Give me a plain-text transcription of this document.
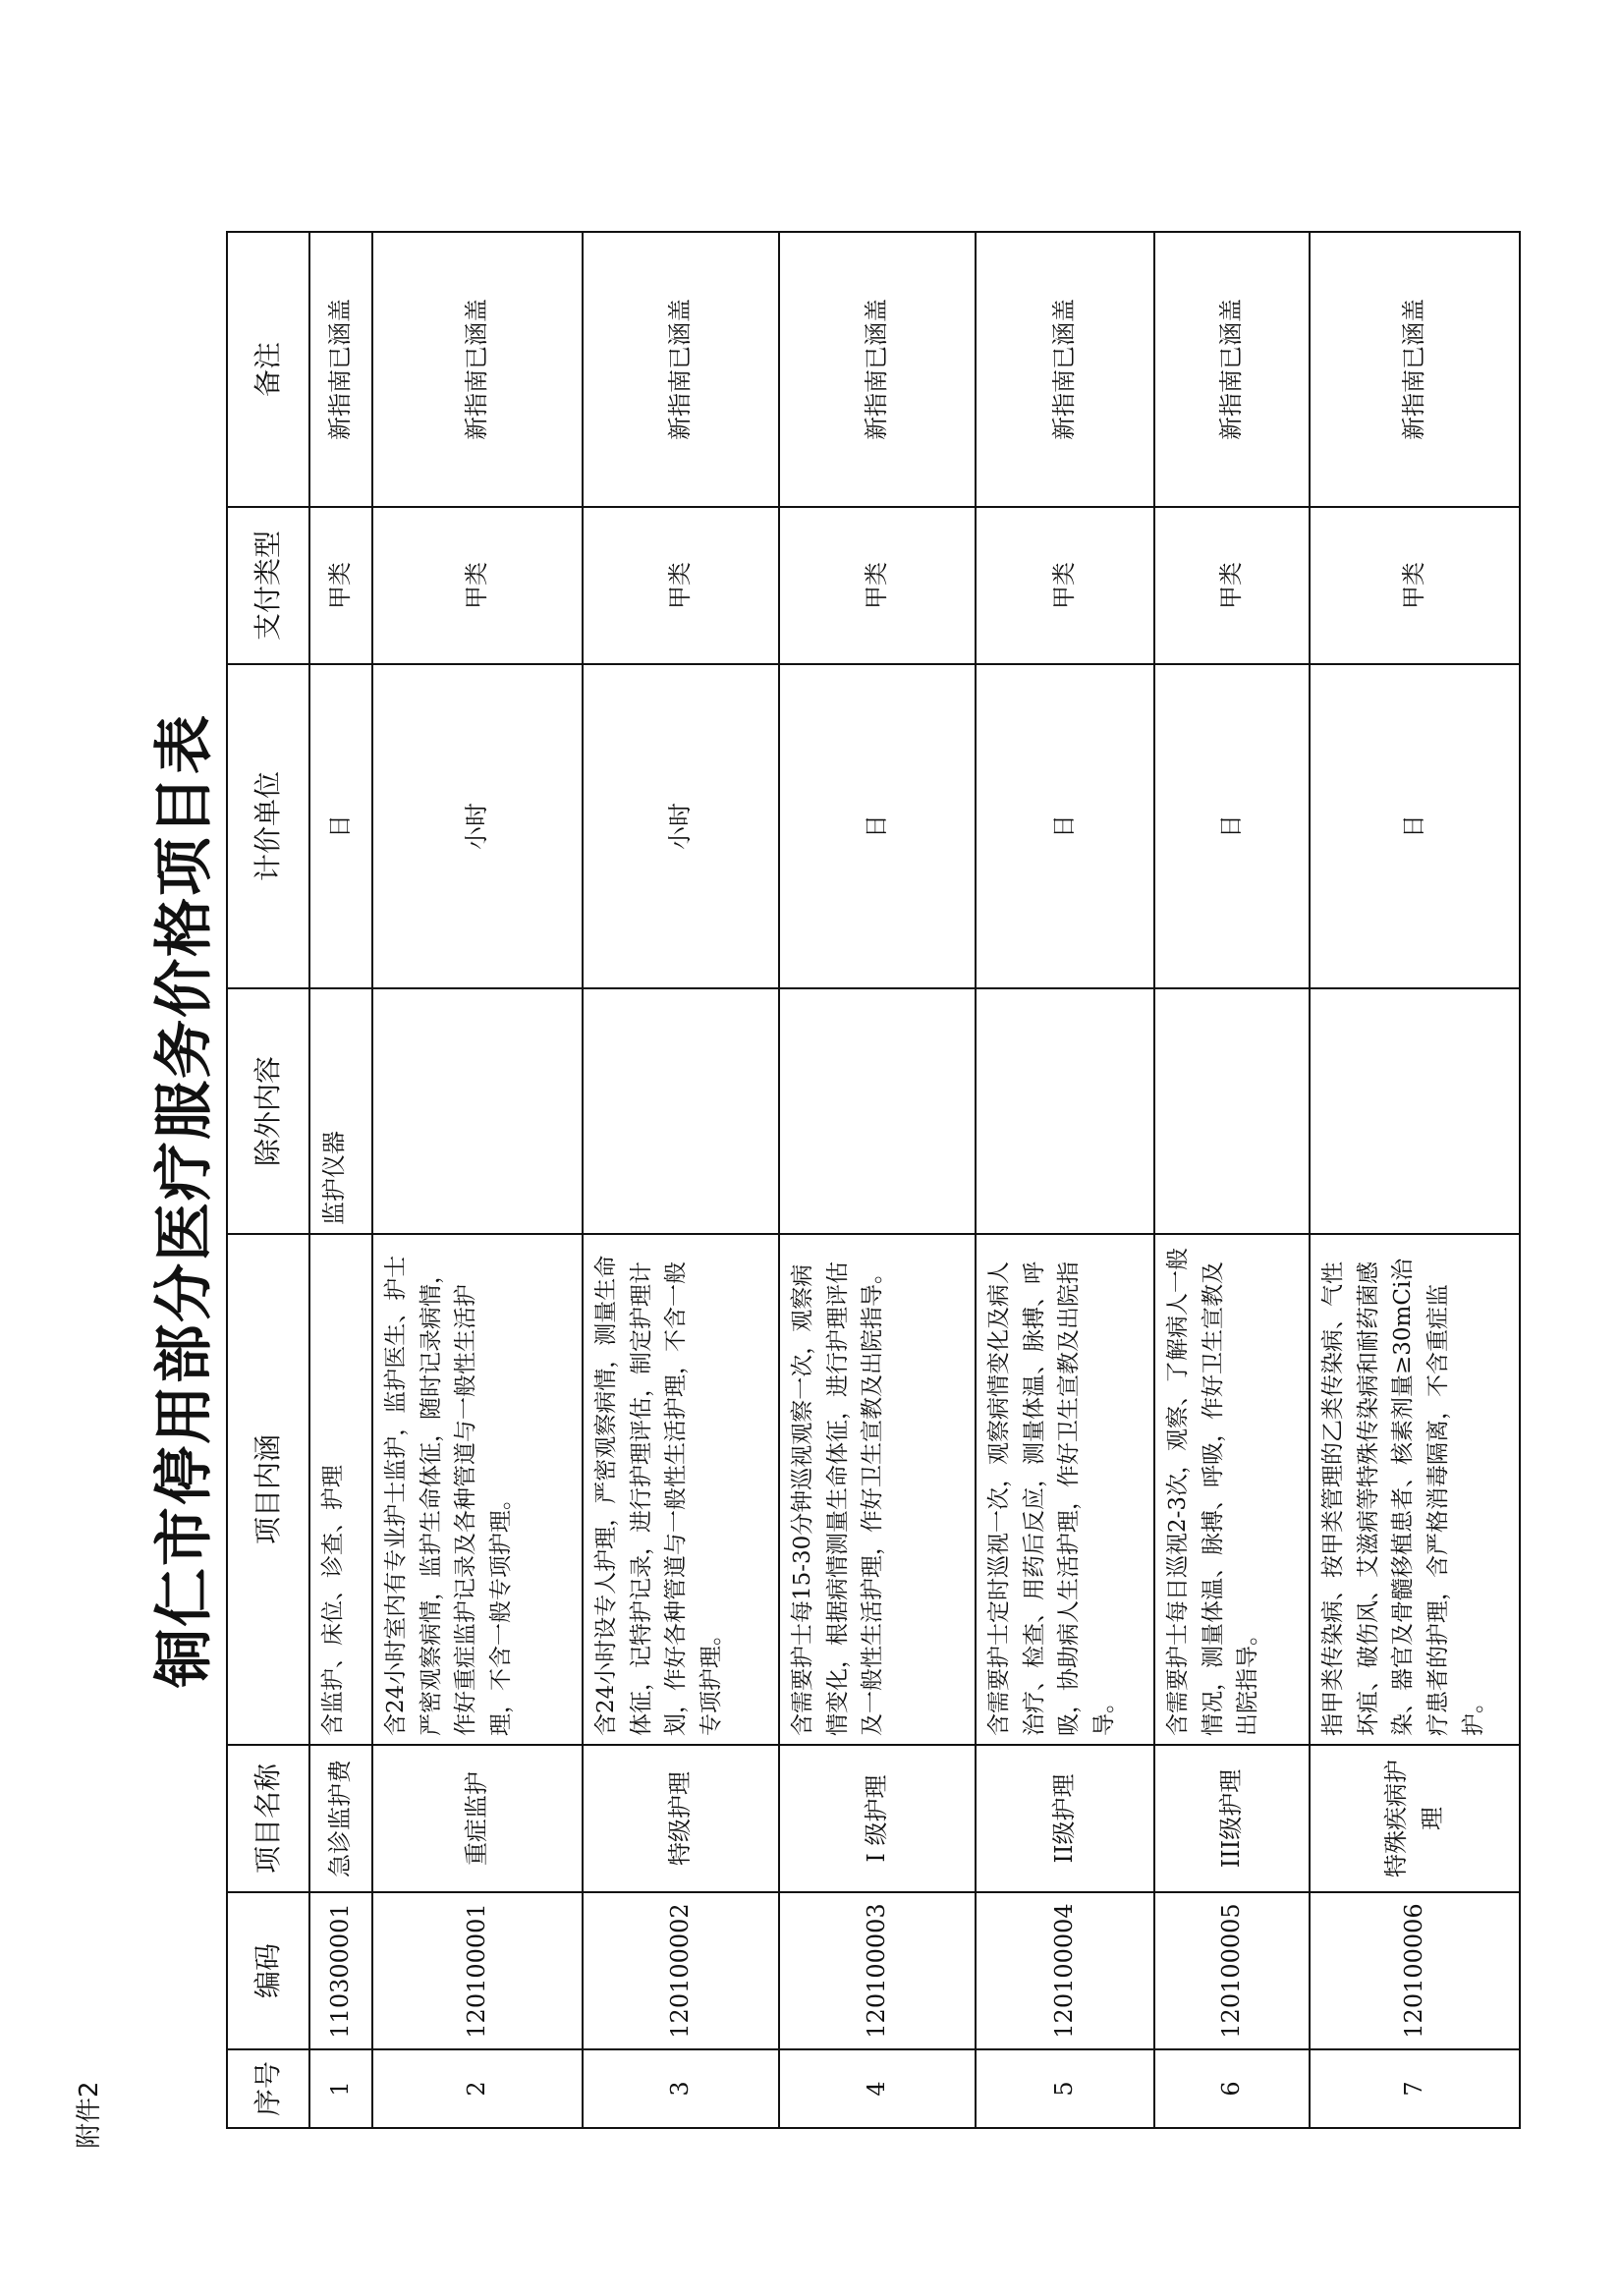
附件2
铜仁市停用部分医疗服务价格项目表
序号	编码	项目名称	项目内涵	除外内容	计价单位	支付类型	备注
1	110300001	急诊监护费	含监护、床位、诊查、护理	监护仪器	日	甲类	新指南已涵盖
2	120100001	重症监护	含24小时室内有专业护士监护，监护医生、护士严密观察病情，监护生命体征，随时记录病情，作好重症监护记录及各种管道与一般性生活护理，不含一般专项护理。		小时	甲类	新指南已涵盖
3	120100002	特级护理	含24小时设专人护理，严密观察病情，测量生命体征，记特护记录，进行护理评估，制定护理计划，作好各种管道与一般性生活护理，不含一般专项护理。		小时	甲类	新指南已涵盖
4	120100003	I 级护理	含需要护士每15-30分钟巡视观察一次，观察病情变化，根据病情测量生命体征，进行护理评估及一般性生活护理，作好卫生宣教及出院指导。		日	甲类	新指南已涵盖
5	120100004	II级护理	含需要护士定时巡视一次，观察病情变化及病人治疗、检查、用药后反应，测量体温、脉搏、呼吸，协助病人生活护理，作好卫生宣教及出院指导。		日	甲类	新指南已涵盖
6	120100005	III级护理	含需要护士每日巡视2-3次，观察、了解病人一般情况，测量体温、脉搏、呼吸，作好卫生宣教及出院指导。		日	甲类	新指南已涵盖
7	120100006	特殊疾病护理	指甲类传染病、按甲类管理的乙类传染病、气性坏疽、破伤风、艾滋病等特殊传染病和耐药菌感染、器官及骨髓移植患者、核素剂量≥30mCi治疗患者的护理，含严格消毒隔离，不含重症监护。		日	甲类	新指南已涵盖
